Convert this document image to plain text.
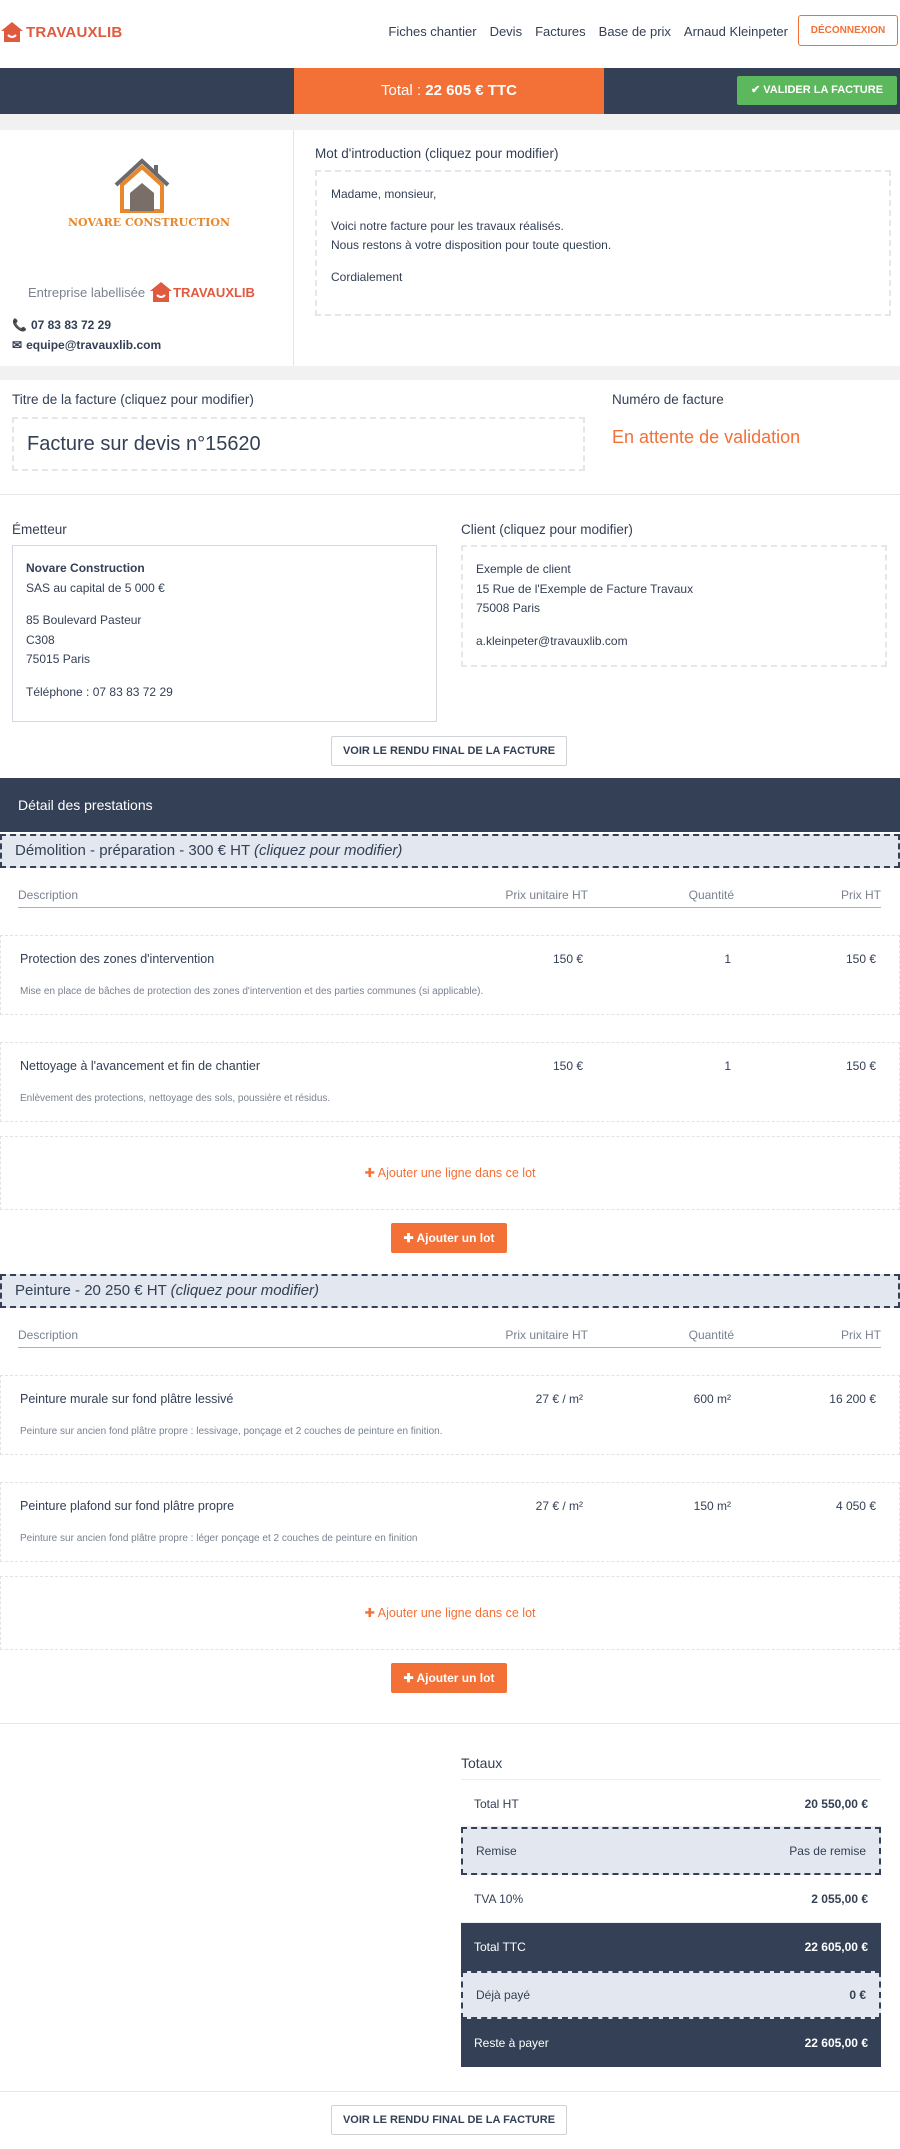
TRAVAUXLIB	Fiches chantier Devis Factures Base de prix Arnaud Kleinpeter	DÉCONNEXION
Total : 22 605 € TTC	✔ VALIDER LA FACTURE
NOVARE CONSTRUCTION
Entreprise labellisée TRAVAUXLIB
📞 07 83 83 72 29
✉ equipe@travauxlib.com
Mot d'introduction (cliquez pour modifier)
Madame, monsieur,
Voici notre facture pour les travaux réalisés.
Nous restons à votre disposition pour toute question.
Cordialement
Titre de la facture (cliquez pour modifier)
Facture sur devis n°15620
Numéro de facture
En attente de validation
Émetteur
Novare Construction
SAS au capital de 5 000 €
85 Boulevard Pasteur
C308
75015 Paris
Téléphone : 07 83 83 72 29
Client (cliquez pour modifier)
Exemple de client
15 Rue de l'Exemple de Facture Travaux
75008 Paris
a.kleinpeter@travauxlib.com
VOIR LE RENDU FINAL DE LA FACTURE
Détail des prestations
Démolition - préparation - 300 € HT (cliquez pour modifier)
Description	Prix unitaire HT	Quantité	Prix HT
Protection des zones d'intervention	150 €	1	150 €
Mise en place de bâches de protection des zones d'intervention et des parties communes (si applicable).
Nettoyage à l'avancement et fin de chantier	150 €	1	150 €
Enlèvement des protections, nettoyage des sols, poussière et résidus.
✚ Ajouter une ligne dans ce lot
✚ Ajouter un lot
Peinture - 20 250 € HT (cliquez pour modifier)
Description	Prix unitaire HT	Quantité	Prix HT
Peinture murale sur fond plâtre lessivé	27 € / m²	600 m²	16 200 €
Peinture sur ancien fond plâtre propre : lessivage, ponçage et 2 couches de peinture en finition.
Peinture plafond sur fond plâtre propre	27 € / m²	150 m²	4 050 €
Peinture sur ancien fond plâtre propre : léger ponçage et 2 couches de peinture en finition
✚ Ajouter une ligne dans ce lot
✚ Ajouter un lot
Totaux
Total HT	20 550,00 €
Remise	Pas de remise
TVA 10%	2 055,00 €
Total TTC	22 605,00 €
Déjà payé	0 €
Reste à payer	22 605,00 €
VOIR LE RENDU FINAL DE LA FACTURE
